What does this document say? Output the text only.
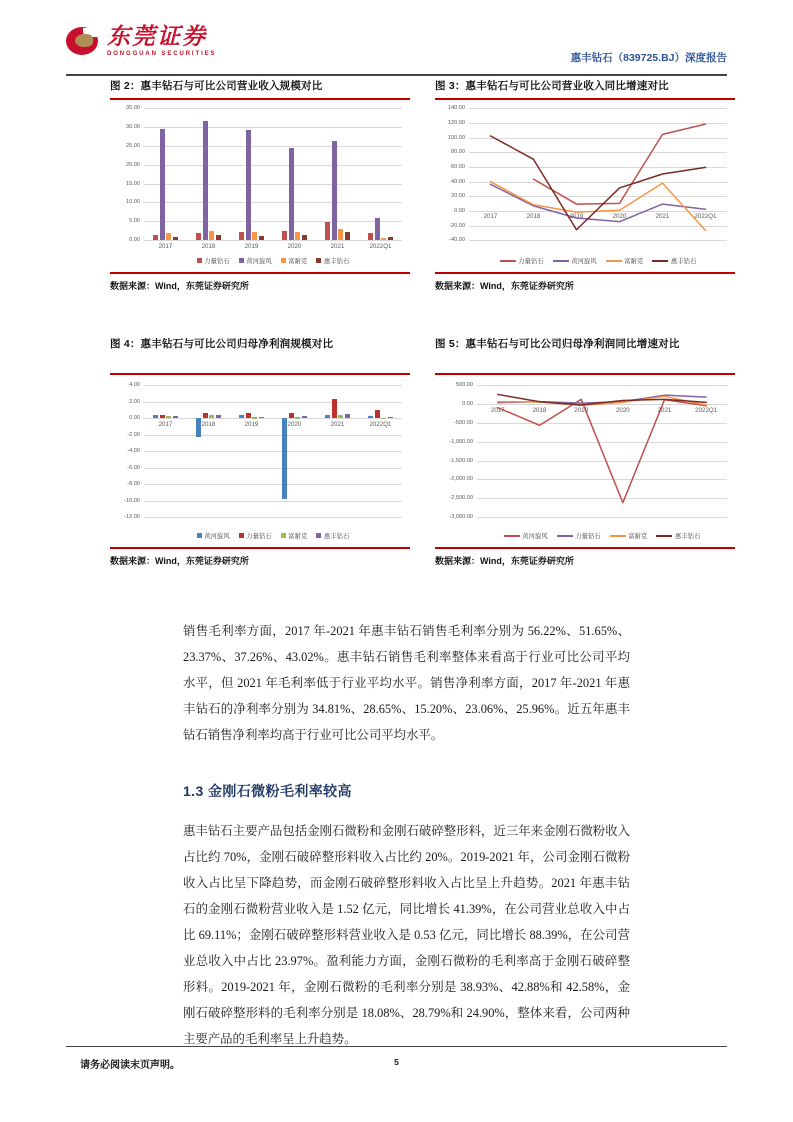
东莞证券
DONGGUAN SECURITIES	惠丰钻石（839725.BJ）深度报告
图 2：惠丰钻石与可比公司营业收入规模对比
0.00
5.00
10.00
15.00
20.00
25.00
30.00
35.00
2017	2018	2019	2020	2021	2022Q1
力量钻石	黄河旋风	富耐克	惠丰钻石
数据来源：Wind，东莞证券研究所
图 3：惠丰钻石与可比公司营业收入同比增速对比
-40.00
-20.00
0.00
20.00
40.00
60.00
80.00
100.00
120.00
140.00
2017	2018	2019	2020	2021	2022Q1
力量钻石	黄河旋风	富耐克	惠丰钻石
数据来源：Wind，东莞证券研究所
图 4：惠丰钻石与可比公司归母净利润规模对比
-12.00
-10.00
-8.00
-6.00
-4.00
-2.00
0.00
2.00
4.00
2017	2018	2019	2020	2021	2022Q1
黄河旋风	力量钻石	富耐克	惠丰钻石
数据来源：Wind，东莞证券研究所
图 5：惠丰钻石与可比公司归母净利润同比增速对比
-3,000.00
-2,500.00
-2,000.00
-1,500.00
-1,000.00
-500.00
0.00
500.00
2017	2018	2019	2020	2021	2022Q1
黄河旋风	力量钻石	富耐克	惠丰钻石
数据来源：Wind，东莞证券研究所
销售毛利率方面，2017 年-2021 年惠丰钻石销售毛利率分别为 56.22%、51.65%、23.37%、37.26%、43.02%。惠丰钻石销售毛利率整体来看高于行业可比公司平均水平，但 2021 年毛利率低于行业平均水平。销售净利率方面，2017 年-2021 年惠丰钻石的净利率分别为 34.81%、28.65%、15.20%、23.06%、25.96%。近五年惠丰钻石销售净利率均高于行业可比公司平均水平。
1.3 金刚石微粉毛利率较高
惠丰钻石主要产品包括金刚石微粉和金刚石破碎整形料，近三年来金刚石微粉收入占比约 70%，金刚石破碎整形料收入占比约 20%。2019-2021 年，公司金刚石微粉收入占比呈下降趋势，而金刚石破碎整形料收入占比呈上升趋势。2021 年惠丰钻石的金刚石微粉营业收入是 1.52 亿元，同比增长 41.39%，在公司营业总收入中占比 69.11%；金刚石破碎整形料营业收入是 0.53 亿元，同比增长 88.39%，在公司营业总收入中占比 23.97%。盈利能力方面，金刚石微粉的毛利率高于金刚石破碎整形料。2019-2021 年，金刚石微粉的毛利率分别是 38.93%、42.88%和 42.58%，金刚石破碎整形料的毛利率分别是 18.08%、28.79%和 24.90%，整体来看，公司两种主要产品的毛利率呈上升趋势。
请务必阅读末页声明。	5
